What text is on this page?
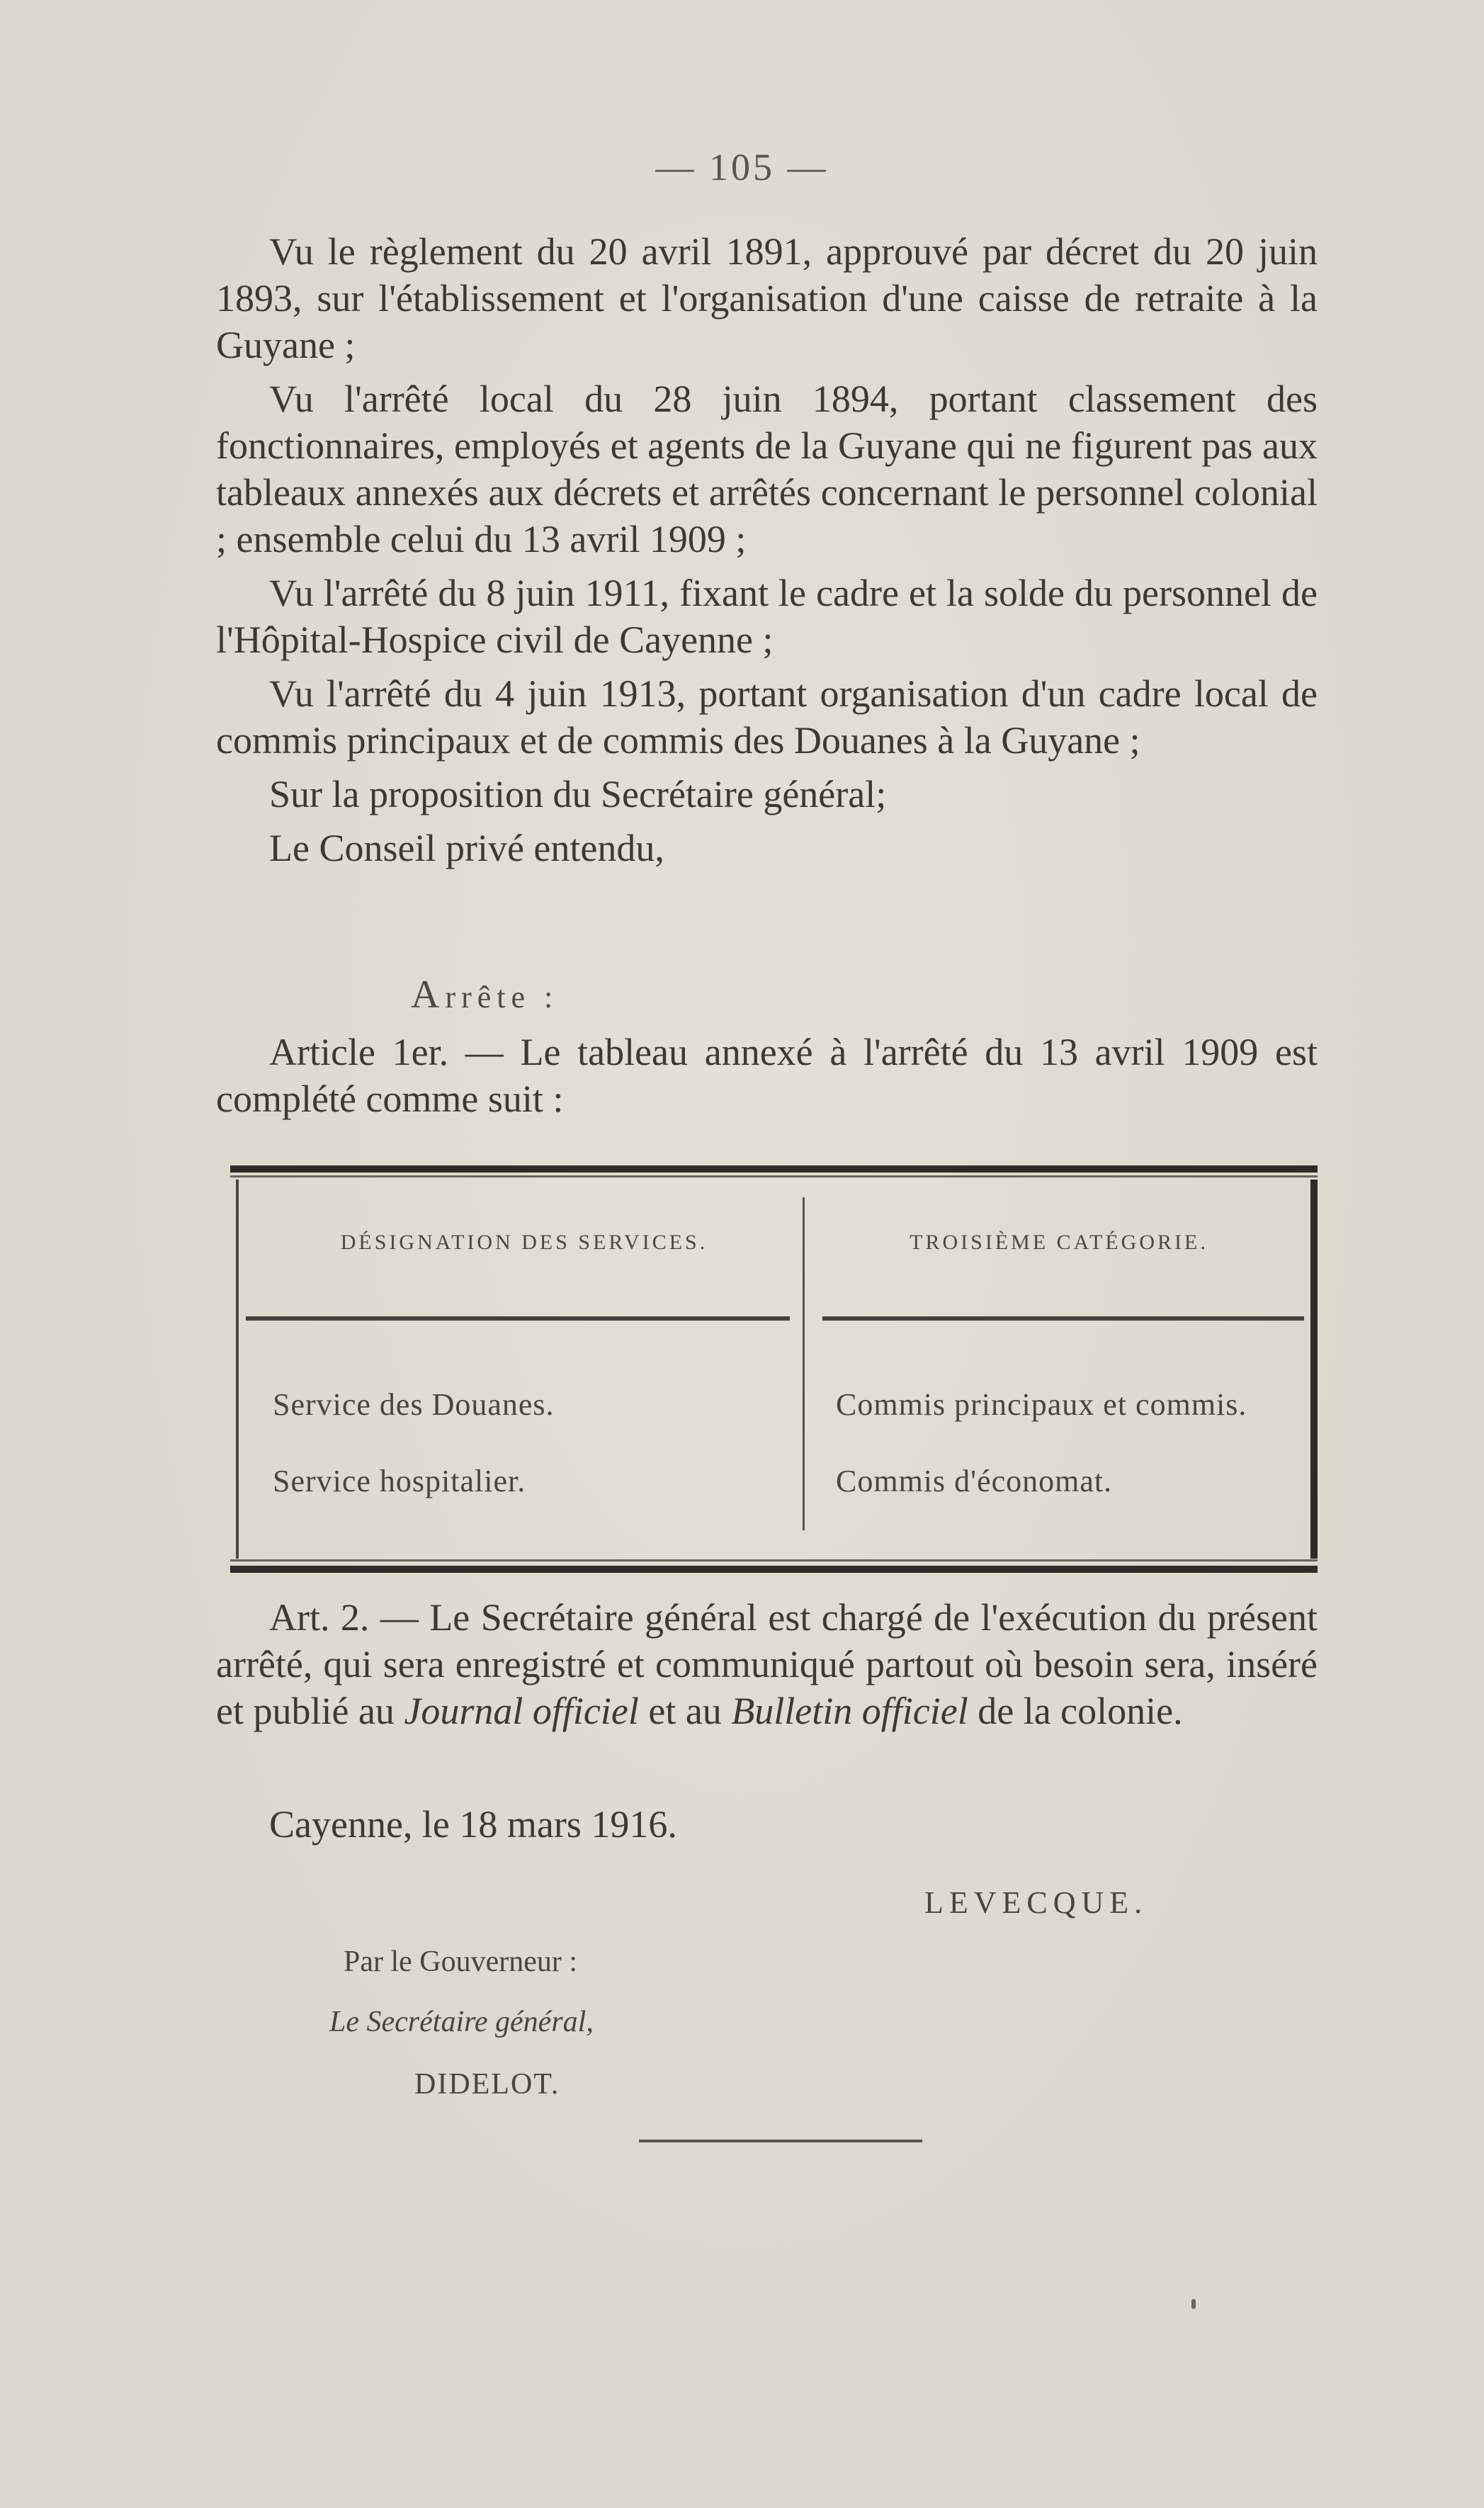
— 105 —

Vu le règlement du 20 avril 1891, approuvé par décret du 20 juin 1893, sur l'établissement et l'organisation d'une caisse de retraite à la Guyane ;

Vu l'arrêté local du 28 juin 1894, portant classement des fonctionnaires, employés et agents de la Guyane qui ne figurent pas aux tableaux annexés aux décrets et arrêtés concernant le personnel colonial ; ensemble celui du 13 avril 1909 ;

Vu l'arrêté du 8 juin 1911, fixant le cadre et la solde du personnel de l'Hôpital-Hospice civil de Cayenne ;

Vu l'arrêté du 4 juin 1913, portant organisation d'un cadre local de commis principaux et de commis des Douanes à la Guyane ;

Sur la proposition du Secrétaire général;

Le Conseil privé entendu,

Arrête :

Article 1er. — Le tableau annexé à l'arrêté du 13 avril 1909 est complété comme suit :

DÉSIGNATION DES SERVICES.	TROISIÈME CATÉGORIE.
Service des Douanes.	Commis principaux et commis.
Service hospitalier.	Commis d'économat.

Art. 2. — Le Secrétaire général est chargé de l'exécution du présent arrêté, qui sera enregistré et communiqué partout où besoin sera, inséré et publié au Journal officiel et au Bulletin officiel de la colonie.

Cayenne, le 18 mars 1916.

LEVECQUE.
Par le Gouverneur :
Le Secrétaire général,
DIDELOT.
